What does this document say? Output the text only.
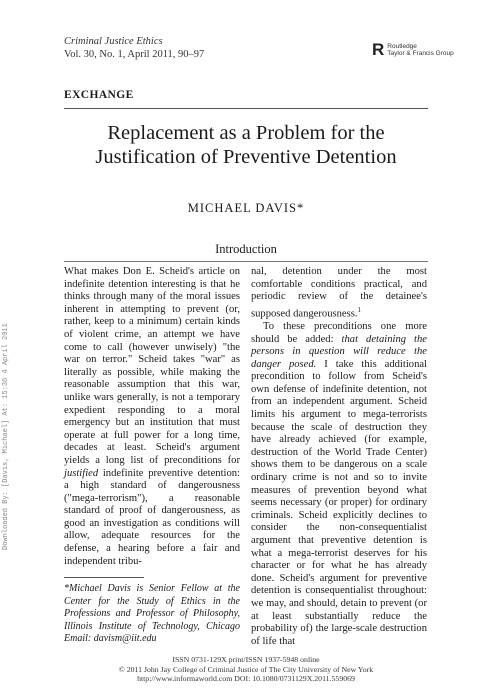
Criminal Justice Ethics
Vol. 30, No. 1, April 2011, 90–97	R Routledge
Taylor & Francis Group
EXCHANGE
Replacement as a Problem for the
Justification of Preventive Detention
MICHAEL DAVIS*
Introduction

What makes Don E. Scheid's article on indefinite detention interesting is that he thinks through many of the moral issues inherent in attempting to prevent (or, rather, keep to a minimum) certain kinds of violent crime, an attempt we have come to call (however unwisely) "the war on terror." Scheid takes "war" as literally as possible, while making the reasonable assumption that this war, unlike wars generally, is not a temporary expedient responding to a moral emergency but an institution that must operate at full power for a long time, decades at least. Scheid's argument yields a long list of preconditions for justified indefinite preventive detention: a high standard of dangerousness ("mega-terrorism"), a reasonable standard of proof of dangerousness, as good an investigation as conditions will allow, adequate resources for the defense, a hearing before a fair and independent tribu-

nal, detention under the most comfortable conditions practical, and periodic review of the detainee's supposed dangerousness.$^1$

To these preconditions one more should be added: that detaining the persons in question will reduce the danger posed. I take this additional precondition to follow from Scheid's own defense of indefinite detention, not from an independent argument. Scheid limits his argument to mega-terrorists because the scale of destruction they have already achieved (for example, destruction of the World Trade Center) shows them to be dangerous on a scale ordinary crime is not and so to invite measures of prevention beyond what seems necessary (or proper) for ordinary criminals. Scheid explicitly declines to consider the non-consequentialist argument that preventive detention is what a mega-terrorist deserves for his character or for what he has already done. Scheid's argument for preventive detention is consequentialist throughout: we may, and should, detain to prevent (or at least substantially reduce the probability of) the large-scale destruction of life that

*Michael Davis is Senior Fellow at the Center for the Study of Ethics in the Professions and Professor of Philosophy, Illinois Institute of Technology, Chicago Email: davism@iit.edu
ISSN 0731-129X print/ISSN 1937-5948 online
© 2011 John Jay College of Criminal Justice of The City University of New York
http://www.informaworld.com DOI: 10.1080/0731129X.2011.559069
Downloaded By: [Davis, Michael] At: 15:36 4 April 2011
